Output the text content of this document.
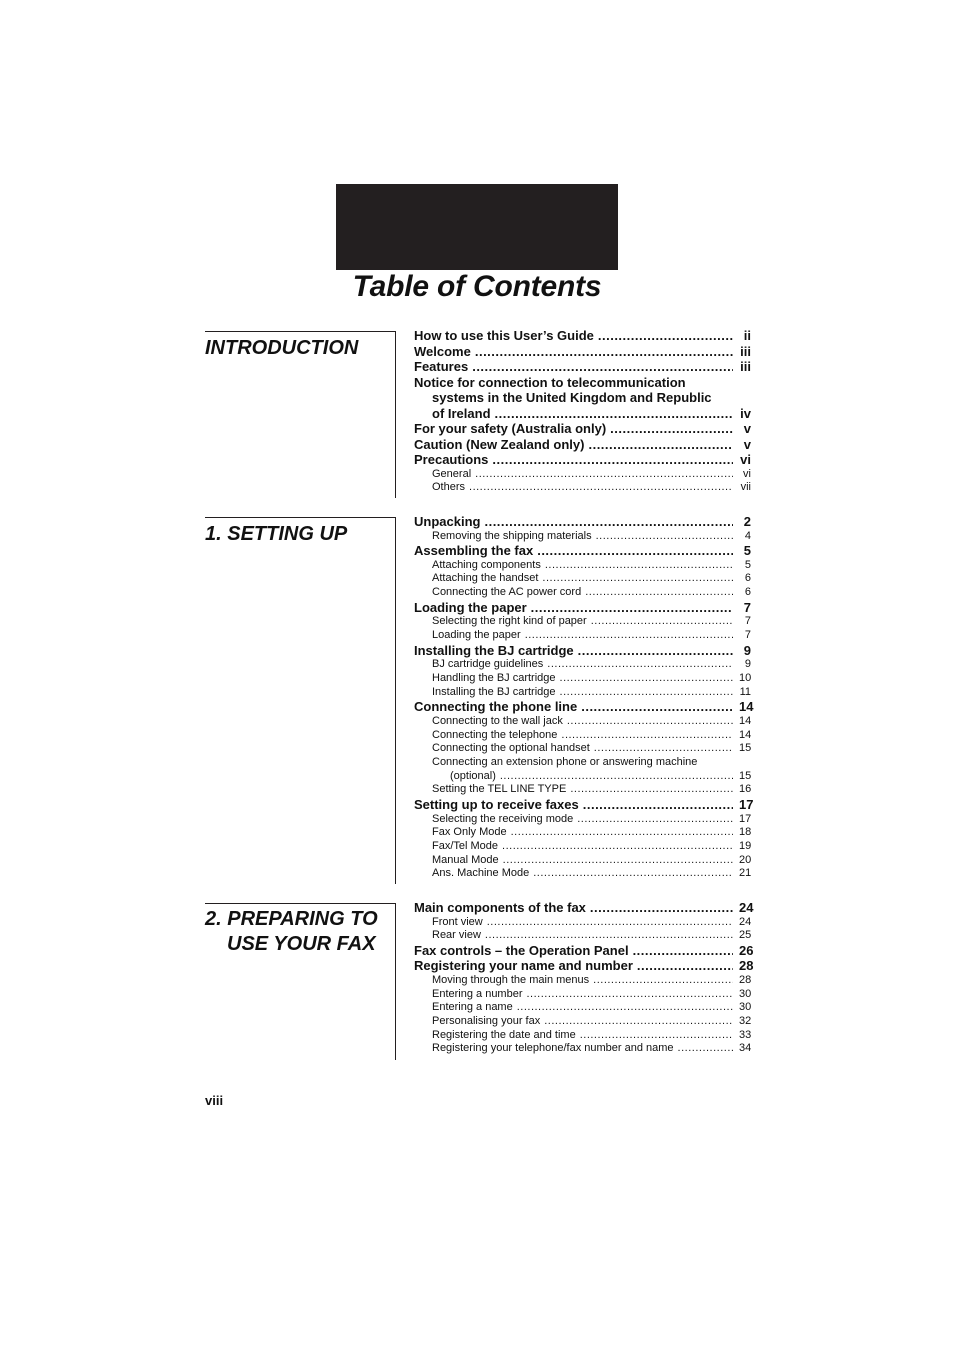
Table of Contents
INTRODUCTION
How to use this User’s Guide .....	ii
Welcome .....	iii
Features .....	iii
Notice for connection to telecommunication
systems in the United Kingdom and Republic
of Ireland .....	iv
For your safety (Australia only) .....	v
Caution (New Zealand only) .....	v
Precautions .....	vi
General .....	vi
Others .....	vii
1. SETTING UP
Unpacking .....	2
Removing the shipping materials .....	4
Assembling the fax .....	5
Attaching components .....	5
Attaching the handset .....	6
Connecting the AC power cord .....	6
Loading the paper .....	7
Selecting the right kind of paper .....	7
Loading the paper .....	7
Installing the BJ cartridge .....	9
BJ cartridge guidelines .....	9
Handling the BJ cartridge .....	10
Installing the BJ cartridge .....	11
Connecting the phone line .....	14
Connecting to the wall jack .....	14
Connecting the telephone .....	14
Connecting the optional handset .....	15
Connecting an extension phone or answering machine
(optional) .....	15
Setting the TEL LINE TYPE .....	16
Setting up to receive faxes .....	17
Selecting the receiving mode .....	17
Fax Only Mode .....	18
Fax/Tel Mode .....	19
Manual Mode .....	20
Ans. Machine Mode .....	21
2. PREPARING TO
USE YOUR FAX
Main components of the fax .....	24
Front view .....	24
Rear view .....	25
Fax controls – the Operation Panel .....	26
Registering your name and number .....	28
Moving through the main menus .....	28
Entering a number .....	30
Entering a name .....	30
Personalising your fax .....	32
Registering the date and time .....	33
Registering your telephone/fax number and name .....	34
viii
